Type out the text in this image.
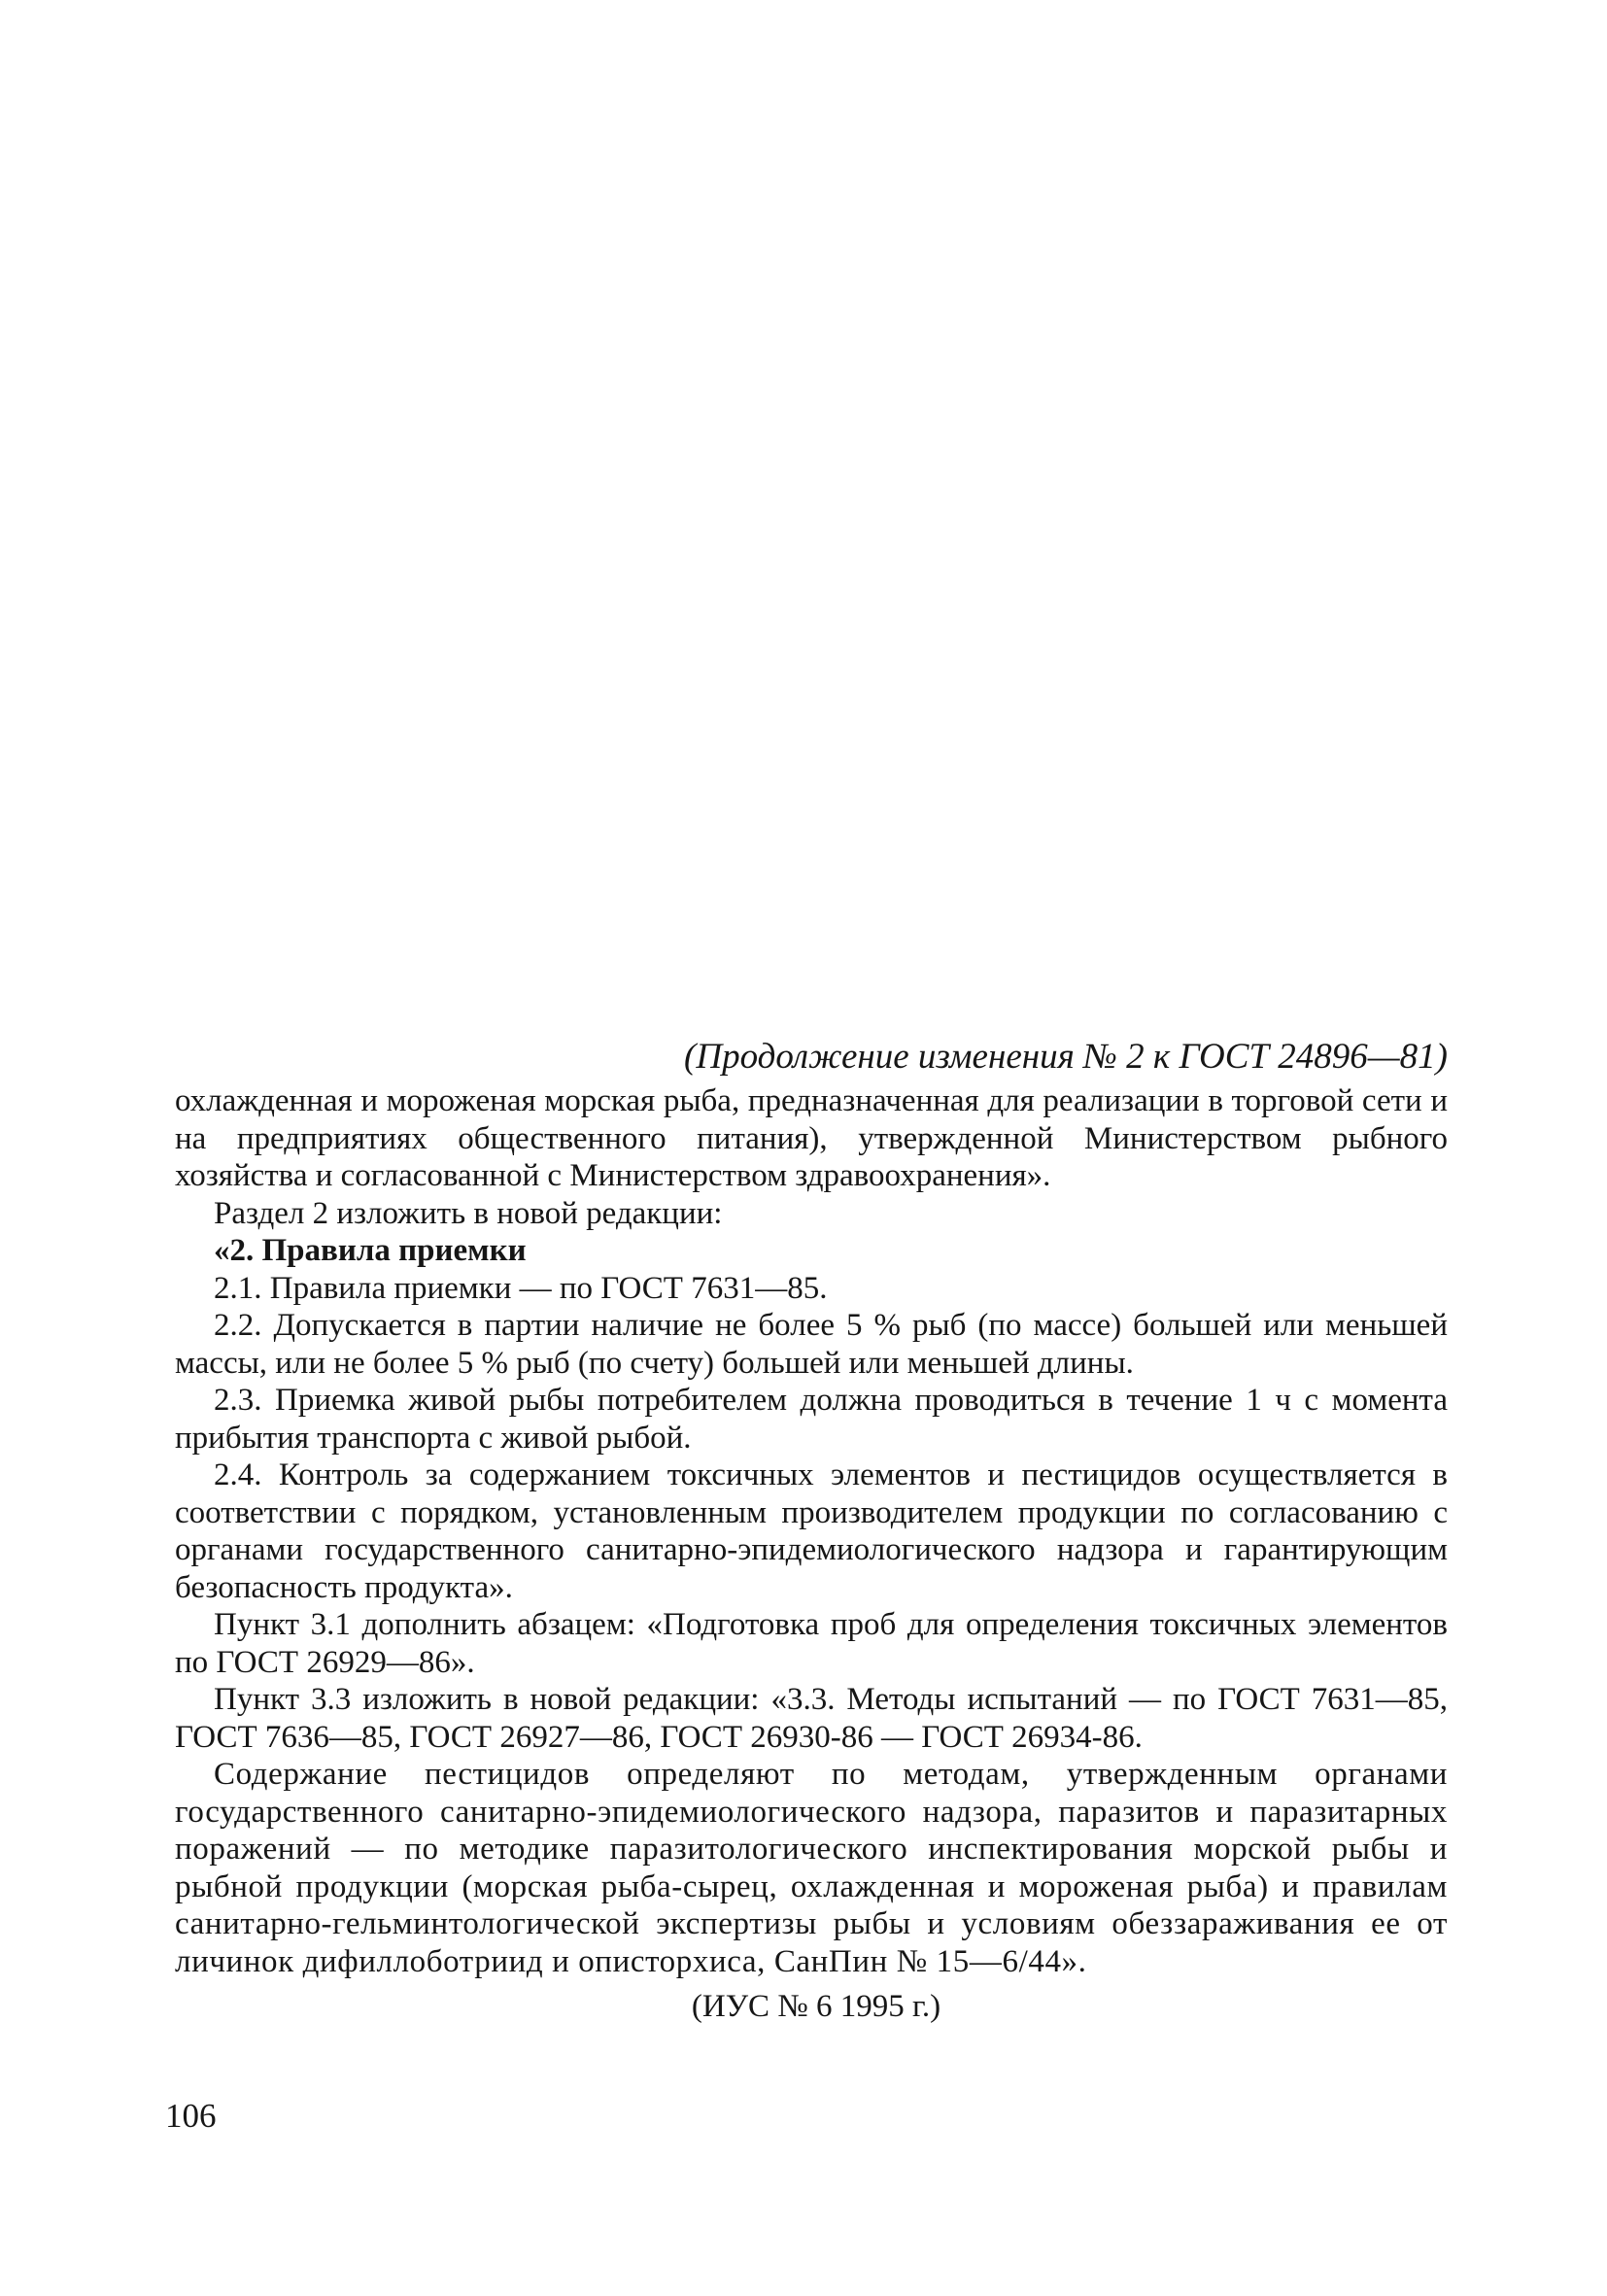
(Продолжение изменения № 2 к ГОСТ 24896—81)

охлажденная и мороженая морская рыба, предназначенная для реализации в торговой сети и на предприятиях общественного питания), утвержденной Министерством рыбного хозяйства и согласованной с Министерством здравоохранения».

Раздел 2 изложить в новой редакции:

«2. Правила приемки

2.1. Правила приемки — по ГОСТ 7631—85.

2.2. Допускается в партии наличие не более 5 % рыб (по массе) большей или меньшей массы, или не более 5 % рыб (по счету) большей или меньшей длины.

2.3. Приемка живой рыбы потребителем должна проводиться в течение 1 ч с момента прибытия транспорта с живой рыбой.

2.4. Контроль за содержанием токсичных элементов и пестицидов осуществляется в соответствии с порядком, установленным производителем продукции по согласованию с органами государственного санитарно-эпидемиологического надзора и гарантирующим безопасность продукта».

Пункт 3.1 дополнить абзацем: «Подготовка проб для определения токсичных элементов по ГОСТ 26929—86».

Пункт 3.3 изложить в новой редакции: «3.3. Методы испытаний — по ГОСТ 7631—85, ГОСТ 7636—85, ГОСТ 26927—86, ГОСТ 26930-86 — ГОСТ 26934-86.

Содержание пестицидов определяют по методам, утвержденным органами государственного санитарно-эпидемиологического надзора, паразитов и паразитарных поражений — по методике паразитологического инспектирования морской рыбы и рыбной продукции (морская рыба-сырец, охлажденная и мороженая рыба) и правилам санитарно-гельминтологической экспертизы рыбы и условиям обеззараживания ее от личинок дифиллоботриид и описторхиса, СанПин № 15—6/44».

(ИУС № 6 1995 г.)

106
